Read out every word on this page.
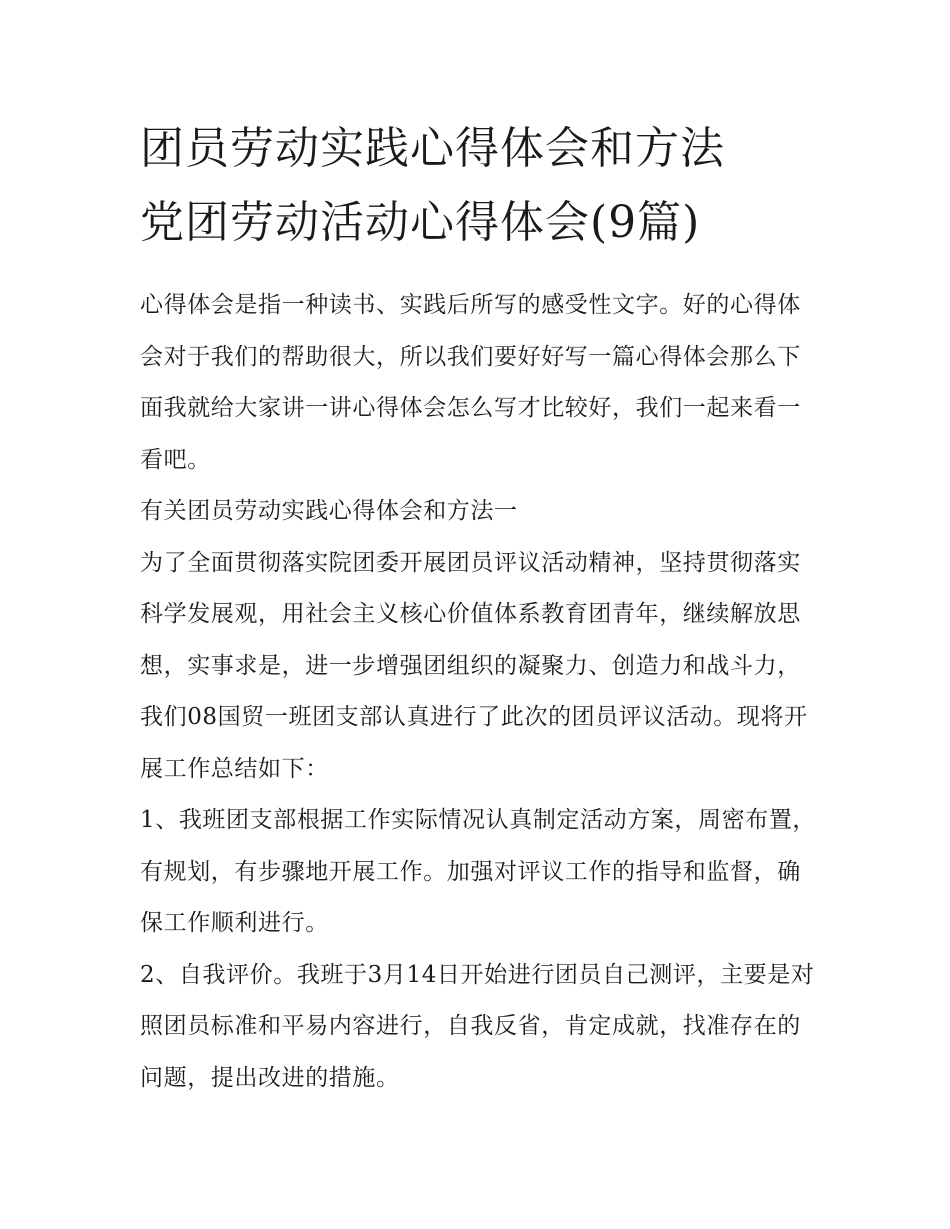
团员劳动实践心得体会和方法
党团劳动活动心得体会(9篇)

心得体会是指一种读书、实践后所写的感受性文字。好的心得体会对于我们的帮助很大，所以我们要好好写一篇心得体会那么下面我就给大家讲一讲心得体会怎么写才比较好，我们一起来看一看吧。

有关团员劳动实践心得体会和方法一

为了全面贯彻落实院团委开展团员评议活动精神，坚持贯彻落实科学发展观，用社会主义核心价值体系教育团青年，继续解放思想，实事求是，进一步增强团组织的凝聚力、创造力和战斗力，我们08国贸一班团支部认真进行了此次的团员评议活动。现将开展工作总结如下：

1、我班团支部根据工作实际情况认真制定活动方案，周密布置，有规划，有步骤地开展工作。加强对评议工作的指导和监督，确保工作顺利进行。

2、自我评价。我班于3月14日开始进行团员自己测评，主要是对照团员标准和平易内容进行，自我反省，肯定成就，找准存在的问题，提出改进的措施。
